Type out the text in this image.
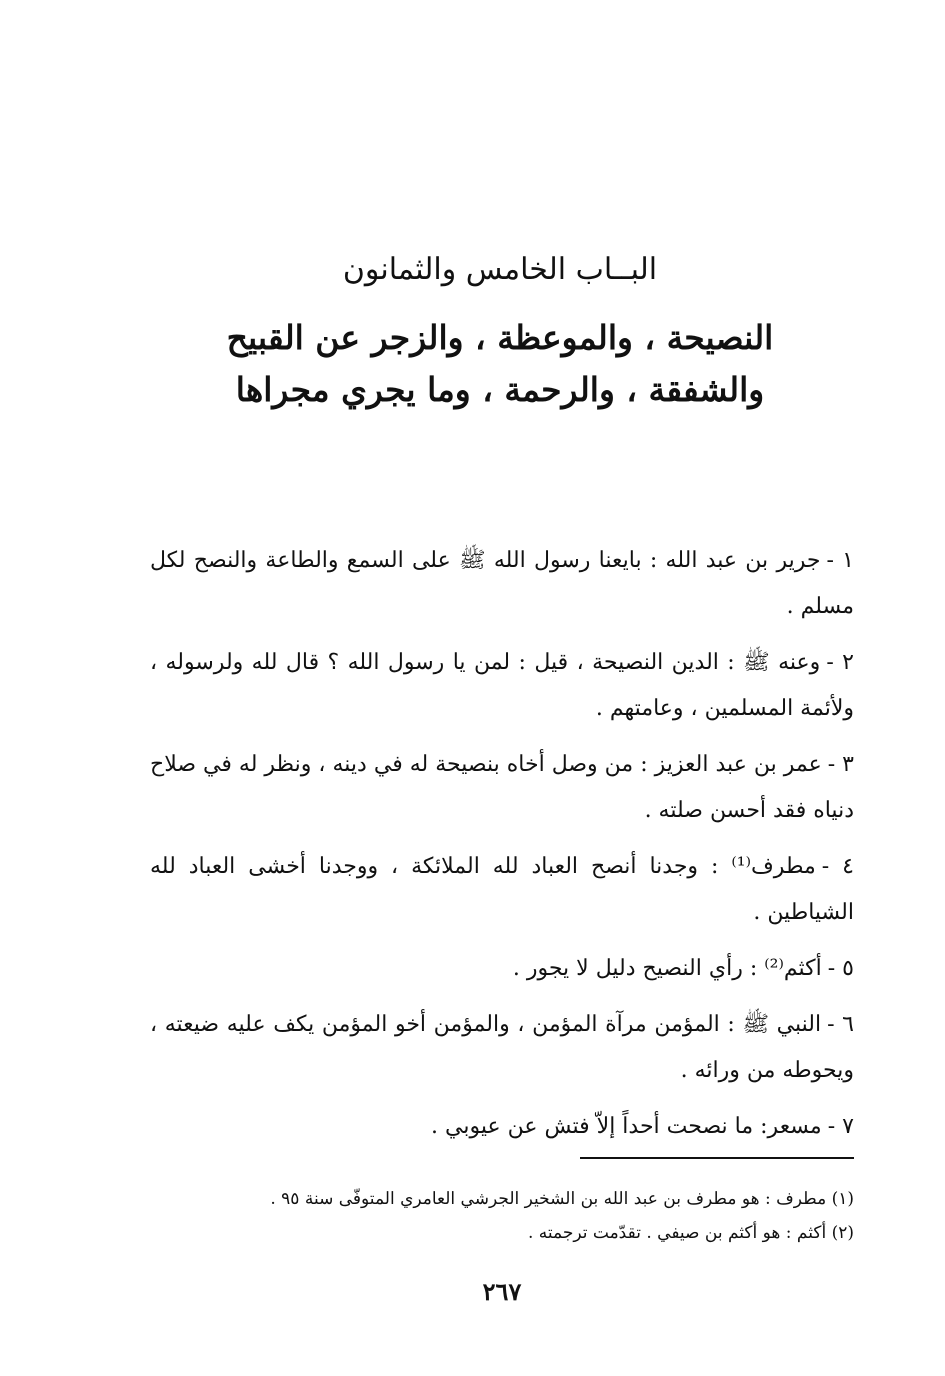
البــاب الخامس والثمانون
النصيحة ، والموعظة ، والزجر عن القبيح
والشفقة ، والرحمة ، وما يجري مجراها

١ -جرير بن عبد الله : بايعنا رسول الله ﷺ على السمع والطاعة والنصح لكل مسلم .

٢ -وعنه ﷺ : الدين النصيحة ، قيل : لمن يا رسول الله ؟ قال لله ولرسوله ، ولأئمة المسلمين ، وعامتهم .

٣ -عمر بن عبد العزيز : من وصل أخاه بنصيحة له في دينه ، ونظر له في صلاح دنياه فقد أحسن صلته .

٤ -مطرف⁽¹⁾ : وجدنا أنصح العباد لله الملائكة ، ووجدنا أخشى العباد لله الشياطين .

٥ -أكثم⁽²⁾ : رأي النصيح دليل لا يجور .

٦ -النبي ﷺ : المؤمن مرآة المؤمن ، والمؤمن أخو المؤمن يكف عليه ضيعته ، ويحوطه من ورائه .

٧ -مسعر: ما نصحت أحداً إلاّ فتش عن عيوبي .

(١) مطرف : هو مطرف بن عبد الله بن الشخير الجرشي العامري المتوفّى سنة ٩٥ .
(٢) أكثم : هو أكثم بن صيفي . تقدّمت ترجمته .
٢٦٧
